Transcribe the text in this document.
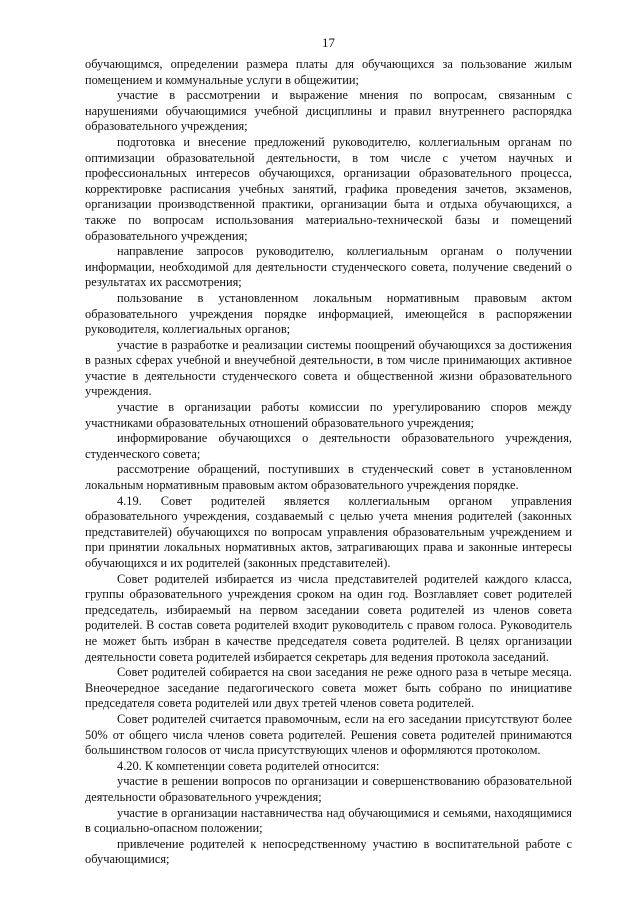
17

обучающимся, определении размера платы для обучающихся за пользование жилым помещением и коммунальные услуги в общежитии;

участие в рассмотрении и выражение мнения по вопросам, связанным с нарушениями обучающимися учебной дисциплины и правил внутреннего распорядка образовательного учреждения;

подготовка и внесение предложений руководителю, коллегиальным органам по оптимизации образовательной деятельности, в том числе с учетом научных и профессиональных интересов обучающихся, организации образовательного процесса, корректировке расписания учебных занятий, графика проведения зачетов, экзаменов, организации производственной практики, организации быта и отдыха обучающихся, а также по вопросам использования материально-технической базы и помещений образовательного учреждения;

направление запросов руководителю, коллегиальным органам о получении информации, необходимой для деятельности студенческого совета, получение сведений о результатах их рассмотрения;

пользование в установленном локальным нормативным правовым актом образовательного учреждения порядке информацией, имеющейся в распоряжении руководителя, коллегиальных органов;

участие в разработке и реализации системы поощрений обучающихся за достижения в разных сферах учебной и внеучебной деятельности, в том числе принимающих активное участие в деятельности студенческого совета и общественной жизни образовательного учреждения.

участие в организации работы комиссии по урегулированию споров между участниками образовательных отношений образовательного учреждения;

информирование обучающихся о деятельности образовательного учреждения, студенческого совета;

рассмотрение обращений, поступивших в студенческий совет в установленном локальным нормативным правовым актом образовательного учреждения порядке.

4.19. Совет родителей является коллегиальным органом управления образовательного учреждения, создаваемый с целью учета мнения родителей (законных представителей) обучающихся по вопросам управления образовательным учреждением и при принятии локальных нормативных актов, затрагивающих права и законные интересы обучающихся и их родителей (законных представителей).

Совет родителей избирается из числа представителей родителей каждого класса, группы образовательного учреждения сроком на один год. Возглавляет совет родителей председатель, избираемый на первом заседании совета родителей из членов совета родителей. В состав совета родителей входит руководитель с правом голоса. Руководитель не может быть избран в качестве председателя совета родителей. В целях организации деятельности совета родителей избирается секретарь для ведения протокола заседаний.

Совет родителей собирается на свои заседания не реже одного раза в четыре месяца. Внеочередное заседание педагогического совета может быть собрано по инициативе председателя совета родителей или двух третей членов совета родителей.

Совет родителей считается правомочным, если на его заседании присутствуют более 50% от общего числа членов совета родителей. Решения совета родителей принимаются большинством голосов от числа присутствующих членов и оформляются протоколом.

4.20. К компетенции совета родителей относится:

участие в решении вопросов по организации и совершенствованию образовательной деятельности образовательного учреждения;

участие в организации наставничества над обучающимися и семьями, находящимися в социально-опасном положении;

привлечение родителей к непосредственному участию в воспитательной работе с обучающимися;
